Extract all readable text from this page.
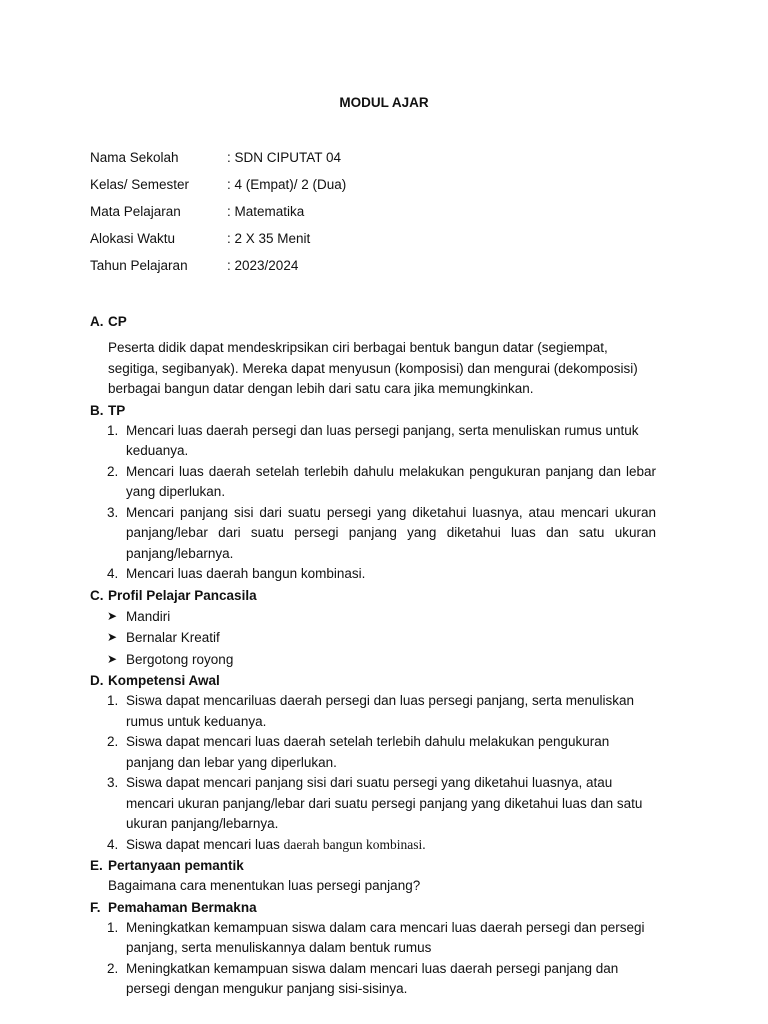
MODUL AJAR
Nama Sekolah	: SDN CIPUTAT 04
Kelas/ Semester	: 4 (Empat)/ 2 (Dua)
Mata Pelajaran	: Matematika
Alokasi Waktu	: 2 X 35 Menit
Tahun Pelajaran	: 2023/2024
A. CP
Peserta didik dapat mendeskripsikan ciri berbagai bentuk bangun datar (segiempat, segitiga, segibanyak). Mereka dapat menyusun (komposisi) dan mengurai (dekomposisi) berbagai bangun datar dengan lebih dari satu cara jika memungkinkan.
B. TP
1. Mencari luas daerah persegi dan luas persegi panjang, serta menuliskan rumus untuk keduanya.
2. Mencari luas daerah setelah terlebih dahulu melakukan pengukuran panjang dan lebar yang diperlukan.
3. Mencari panjang sisi dari suatu persegi yang diketahui luasnya, atau mencari ukuran panjang/lebar dari suatu persegi panjang yang diketahui luas dan satu ukuran panjang/lebarnya.
4. Mencari luas daerah bangun kombinasi.
C. Profil Pelajar Pancasila
➤ Mandiri
➤ Bernalar Kreatif
➤ Bergotong royong
D. Kompetensi Awal
1. Siswa dapat mencariluas daerah persegi dan luas persegi panjang, serta menuliskan rumus untuk keduanya.
2. Siswa dapat mencari luas daerah setelah terlebih dahulu melakukan pengukuran panjang dan lebar yang diperlukan.
3. Siswa dapat mencari panjang sisi dari suatu persegi yang diketahui luasnya, atau mencari ukuran panjang/lebar dari suatu persegi panjang yang diketahui luas dan satu ukuran panjang/lebarnya.
4. Siswa dapat mencari luas daerah bangun kombinasi.
E. Pertanyaan pemantik
Bagaimana cara menentukan luas persegi panjang?
F. Pemahaman Bermakna
1. Meningkatkan kemampuan siswa dalam cara mencari luas daerah persegi dan persegi panjang, serta menuliskannya dalam bentuk rumus
2. Meningkatkan kemampuan siswa dalam mencari luas daerah persegi panjang dan persegi dengan mengukur panjang sisi-sisinya.
